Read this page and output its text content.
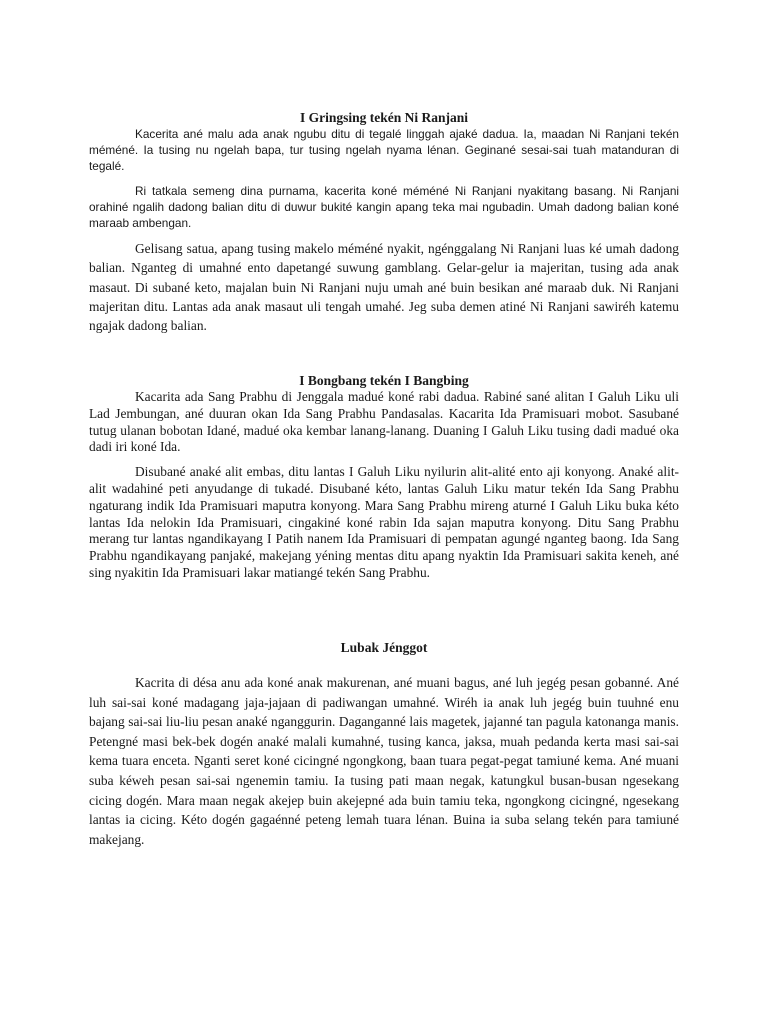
I Gringsing tekén Ni Ranjani

Kacerita ané malu ada anak ngubu ditu di tegalé linggah ajaké dadua. Ia, maadan Ni Ranjani tekén méméné. Ia tusing nu ngelah bapa, tur tusing ngelah nyama lénan. Geginané sesai-sai tuah matanduran di tegalé.

Ri tatkala semeng dina purnama, kacerita koné méméné Ni Ranjani nyakitang basang. Ni Ranjani orahiné ngalih dadong balian ditu di duwur bukité kangin apang teka mai ngubadin. Umah dadong balian koné maraab ambengan.

Gelisang satua, apang tusing makelo méméné nyakit, ngénggalang Ni Ranjani luas ké umah dadong balian. Nganteg di umahné ento dapetangé suwung gamblang. Gelar-gelur ia majeritan, tusing ada anak masaut. Di subané keto, majalan buin Ni Ranjani nuju umah ané buin besikan ané maraab duk. Ni Ranjani majeritan ditu. Lantas ada anak masaut uli tengah umahé. Jeg suba demen atiné Ni Ranjani sawiréh katemu ngajak dadong balian.

I Bongbang tekén I Bangbing

Kacarita ada Sang Prabhu di Jenggala madué koné rabi dadua. Rabiné sané alitan I Galuh Liku uli Lad Jembungan, ané duuran okan Ida Sang Prabhu Pandasalas. Kacarita Ida Pramisuari mobot. Sasubané tutug ulanan bobotan Idané, madué oka kembar lanang-lanang. Duaning I Galuh Liku tusing dadi madué oka dadi iri koné Ida.

Disubané anaké alit embas, ditu lantas I Galuh Liku nyilurin alit-alité ento aji konyong. Anaké alit-alit wadahiné peti anyudange di tukadé. Disubané kéto, lantas Galuh Liku matur tekén Ida Sang Prabhu ngaturang indik Ida Pramisuari maputra konyong. Mara Sang Prabhu mireng aturné I Galuh Liku buka kéto lantas Ida nelokin Ida Pramisuari, cingakiné koné rabin Ida sajan maputra konyong. Ditu Sang Prabhu merang tur lantas ngandikayang I Patih nanem Ida Pramisuari di pempatan agungé nganteg baong. Ida Sang Prabhu ngandikayang panjaké, makejang yéning mentas ditu apang nyaktin Ida Pramisuari sakita keneh, ané sing nyakitin Ida Pramisuari lakar matiangé tekén Sang Prabhu.

Lubak Jénggot

Kacrita di désa anu ada koné anak makurenan, ané muani bagus, ané luh jegég pesan gobanné. Ané luh sai-sai koné madagang jaja-jajaan di padiwangan umahné. Wiréh ia anak luh jegég buin tuuhné enu bajang sai-sai liu-liu pesan anaké nganggurin. Daganganné lais magetek, jajanné tan pagula katonanga manis. Petengné masi bek-bek dogén anaké malali kumahné, tusing kanca, jaksa, muah pedanda kerta masi sai-sai kema tuara enceta. Nganti seret koné cicingné ngongkong, baan tuara pegat-pegat tamiuné kema. Ané muani suba kéweh pesan sai-sai ngenemin tamiu. Ia tusing pati maan negak, katungkul busan-busan ngesekang cicing dogén. Mara maan negak akejep buin akejepné ada buin tamiu teka, ngongkong cicingné, ngesekang lantas ia cicing. Kéto dogén gagaénné peteng lemah tuara lénan. Buina ia suba selang tekén para tamiuné makejang.
